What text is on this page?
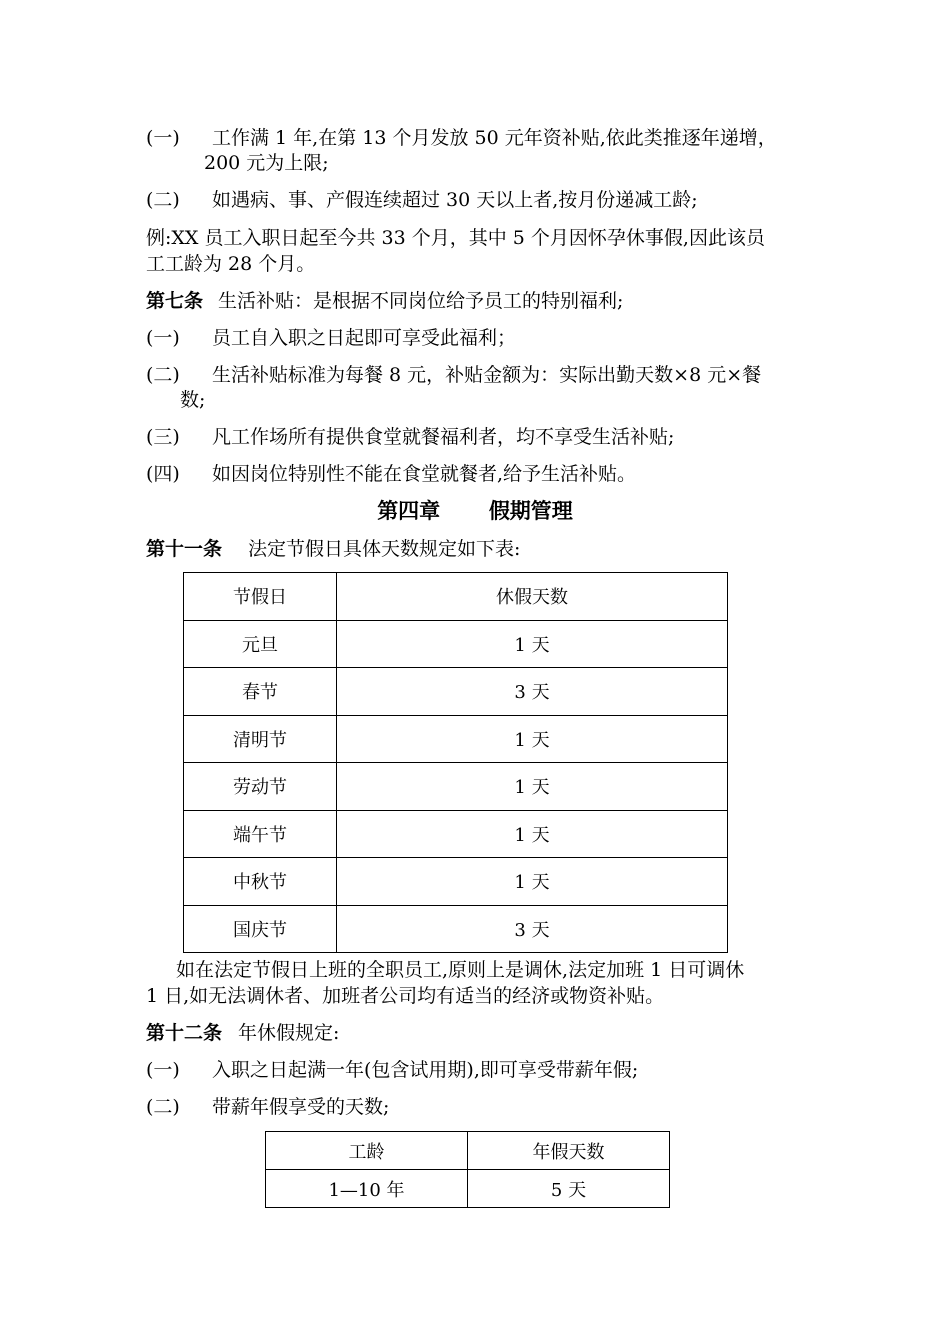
(一) 工作满 1 年,在第 13 个月发放 50 元年资补贴,依此类推逐年递增，
200 元为上限;
(二) 如遇病、事、产假连续超过 30 天以上者,按月份递减工龄;
例:XX 员工入职日起至今共 33 个月，其中 5 个月因怀孕休事假,因此该员
工工龄为 28 个月。
第七条 生活补贴：是根据不同岗位给予员工的特别福利;
(一) 员工自入职之日起即可享受此福利；
(二) 生活补贴标准为每餐 8 元，补贴金额为：实际出勤天数×8 元×餐
数;
(三) 凡工作场所有提供食堂就餐福利者，均不享受生活补贴;
(四) 如因岗位特别性不能在食堂就餐者,给予生活补贴。
第四章 假期管理
第十一条 法定节假日具体天数规定如下表:
节假日	休假天数
元旦	1 天
春节	3 天
清明节	1 天
劳动节	1 天
端午节	1 天
中秋节	1 天
国庆节	3 天
如在法定节假日上班的全职员工,原则上是调休,法定加班 1 日可调休
1 日,如无法调休者、加班者公司均有适当的经济或物资补贴。
第十二条 年休假规定:
(一) 入职之日起满一年(包含试用期),即可享受带薪年假;
(二) 带薪年假享受的天数;
工龄	年假天数
1—10 年	5 天
